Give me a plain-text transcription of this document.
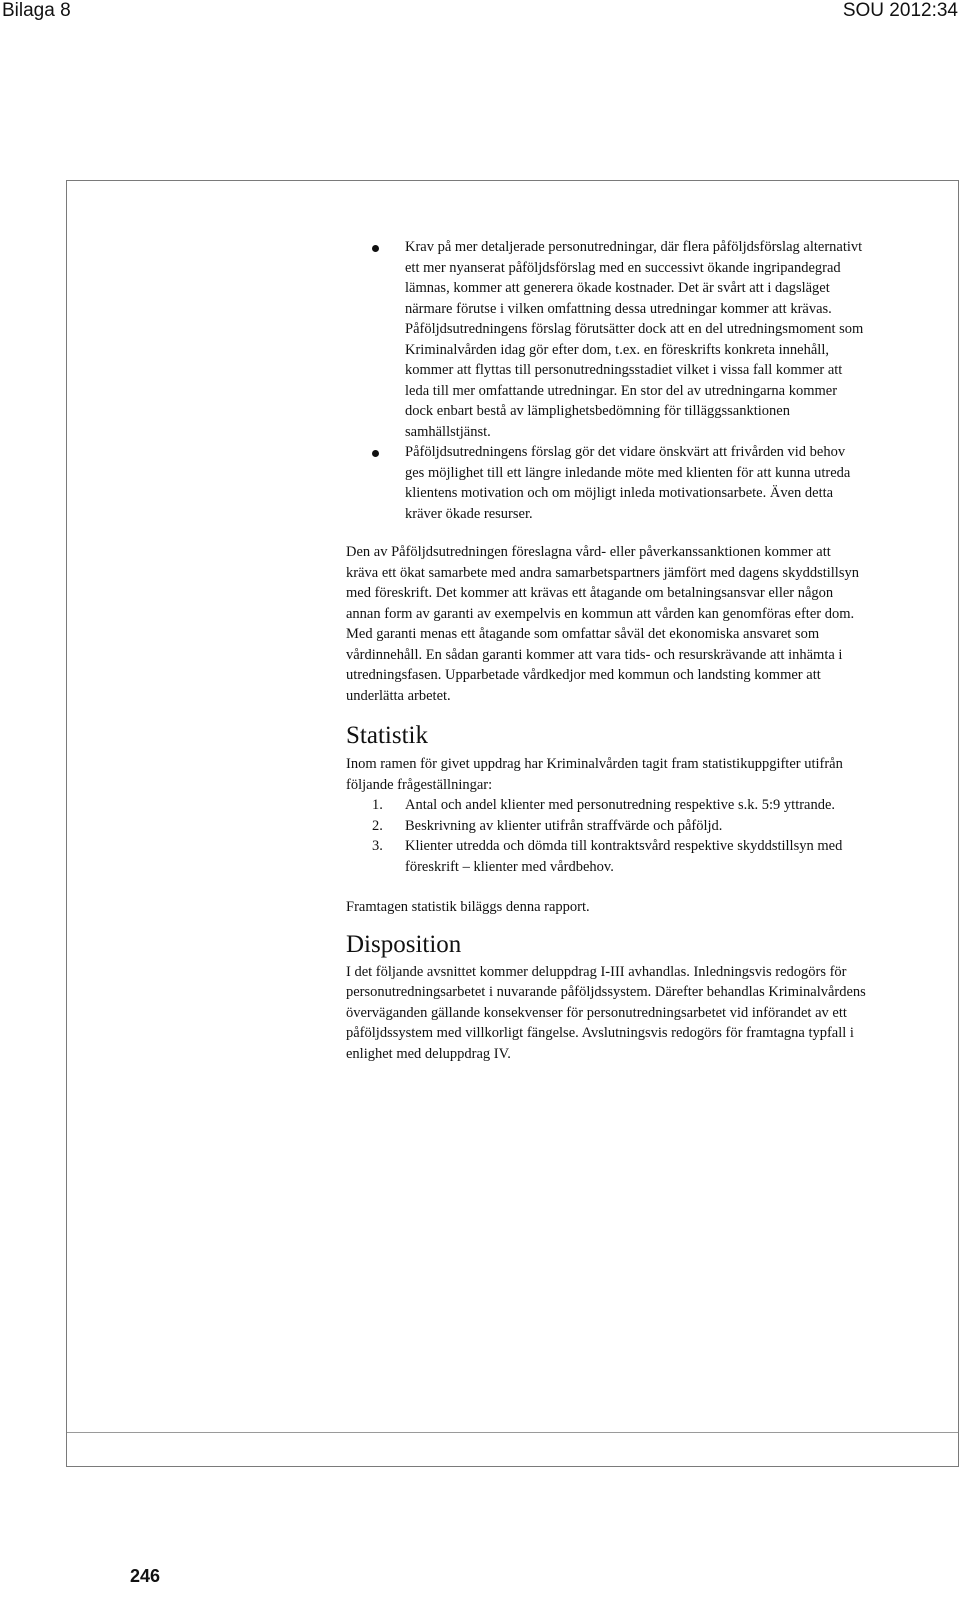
Bilaga 8	SOU 2012:34
Krav på mer detaljerade personutredningar, där flera påföljdsförslag alternativt ett mer nyanserat påföljdsförslag med en successivt ökande ingripandegrad lämnas, kommer att generera ökade kostnader. Det är svårt att i dagsläget närmare förutse i vilken omfattning dessa utredningar kommer att krävas. Påföljdsutredningens förslag förutsätter dock att en del utredningsmoment som Kriminalvården idag gör efter dom, t.ex. en föreskrifts konkreta innehåll, kommer att flyttas till personutredningsstadiet vilket i vissa fall kommer att leda till mer omfattande utredningar. En stor del av utredningarna kommer dock enbart bestå av lämplighetsbedömning för tilläggssanktionen samhällstjänst.
Påföljdsutredningens förslag gör det vidare önskvärt att frivården vid behov ges möjlighet till ett längre inledande möte med klienten för att kunna utreda klientens motivation och om möjligt inleda motivationsarbete. Även detta kräver ökade resurser.

Den av Påföljdsutredningen föreslagna vård- eller påverkanssanktionen kommer att kräva ett ökat samarbete med andra samarbetspartners jämfört med dagens skyddstillsyn med föreskrift. Det kommer att krävas ett åtagande om betalningsansvar eller någon annan form av garanti av exempelvis en kommun att vården kan genomföras efter dom. Med garanti menas ett åtagande som omfattar såväl det ekonomiska ansvaret som vårdinnehåll. En sådan garanti kommer att vara tids- och resurskrävande att inhämta i utredningsfasen. Upparbetade vårdkedjor med kommun och landsting kommer att underlätta arbetet.

Statistik

Inom ramen för givet uppdrag har Kriminalvården tagit fram statistikuppgifter utifrån följande frågeställningar:

1. Antal och andel klienter med personutredning respektive s.k. 5:9 yttrande.
2. Beskrivning av klienter utifrån straffvärde och påföljd.
3. Klienter utredda och dömda till kontraktsvård respektive skyddstillsyn med föreskrift – klienter med vårdbehov.

Framtagen statistik biläggs denna rapport.

Disposition

I det följande avsnittet kommer deluppdrag I-III avhandlas. Inledningsvis redogörs för personutredningsarbetet i nuvarande påföljdssystem. Därefter behandlas Kriminalvårdens överväganden gällande konsekvenser för personutredningsarbetet vid införandet av ett påföljdssystem med villkorligt fängelse. Avslutningsvis redogörs för framtagna typfall i enlighet med deluppdrag IV.

246
